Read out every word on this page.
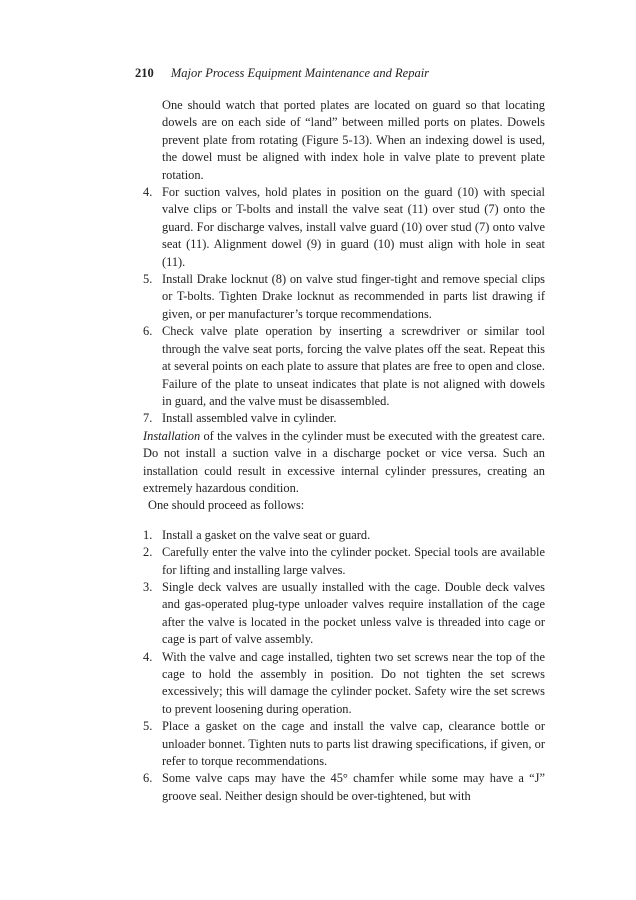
210 Major Process Equipment Maintenance and Repair

One should watch that ported plates are located on guard so that locating dowels are on each side of “land” between milled ports on plates. Dowels prevent plate from rotating (Figure 5-13). When an indexing dowel is used, the dowel must be aligned with index hole in valve plate to prevent plate rotation.

4. For suction valves, hold plates in position on the guard (10) with special valve clips or T-bolts and install the valve seat (11) over stud (7) onto the guard. For discharge valves, install valve guard (10) over stud (7) onto valve seat (11). Alignment dowel (9) in guard (10) must align with hole in seat (11).
5. Install Drake locknut (8) on valve stud finger-tight and remove special clips or T-bolts. Tighten Drake locknut as recommended in parts list drawing if given, or per manufacturer’s torque recommendations.
6. Check valve plate operation by inserting a screwdriver or similar tool through the valve seat ports, forcing the valve plates off the seat. Repeat this at several points on each plate to assure that plates are free to open and close. Failure of the plate to unseat indicates that plate is not aligned with dowels in guard, and the valve must be disassembled.
7. Install assembled valve in cylinder.

Installation of the valves in the cylinder must be executed with the greatest care. Do not install a suction valve in a discharge pocket or vice versa. Such an installation could result in excessive internal cylinder pressures, creating an extremely hazardous condition.

One should proceed as follows:

1. Install a gasket on the valve seat or guard.
2. Carefully enter the valve into the cylinder pocket. Special tools are available for lifting and installing large valves.
3. Single deck valves are usually installed with the cage. Double deck valves and gas-operated plug-type unloader valves require installation of the cage after the valve is located in the pocket unless valve is threaded into cage or cage is part of valve assembly.
4. With the valve and cage installed, tighten two set screws near the top of the cage to hold the assembly in position. Do not tighten the set screws excessively; this will damage the cylinder pocket. Safety wire the set screws to prevent loosening during operation.
5. Place a gasket on the cage and install the valve cap, clearance bottle or unloader bonnet. Tighten nuts to parts list drawing specifications, if given, or refer to torque recommendations.
6. Some valve caps may have the 45° chamfer while some may have a “J” groove seal. Neither design should be over-tightened, but with
